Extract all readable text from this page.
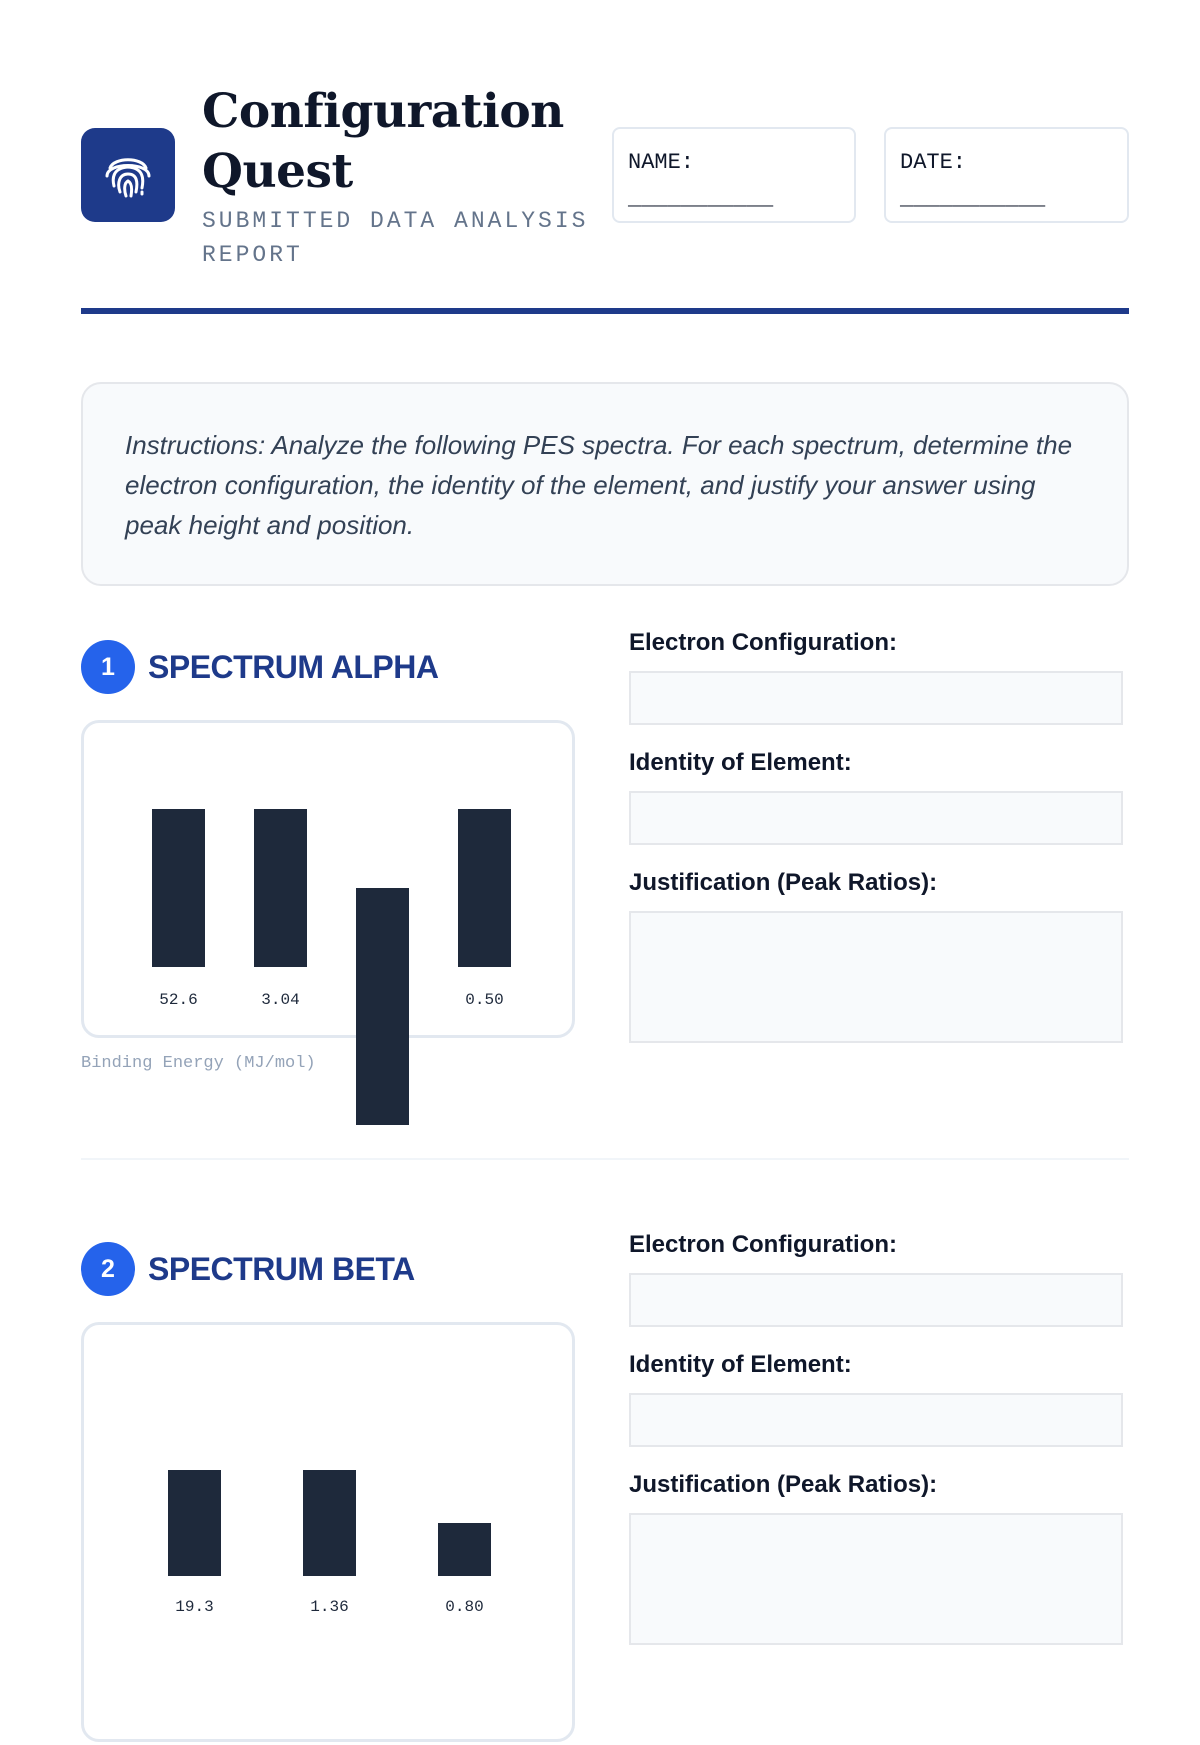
Configuration Quest
SUBMITTED DATA ANALYSIS REPORT
NAME:
___________
DATE:
___________
Instructions: Analyze the following PES spectra. For each spectrum, determine the electron configuration, the identity of the element, and justify your answer using peak height and position.
1	SPECTRUM ALPHA
52.6	3.04	0.50
Binding Energy (MJ/mol)
Electron Configuration:
Identity of Element:
Justification (Peak Ratios):
2	SPECTRUM BETA
19.3	1.36	0.80
Electron Configuration:
Identity of Element:
Justification (Peak Ratios):
